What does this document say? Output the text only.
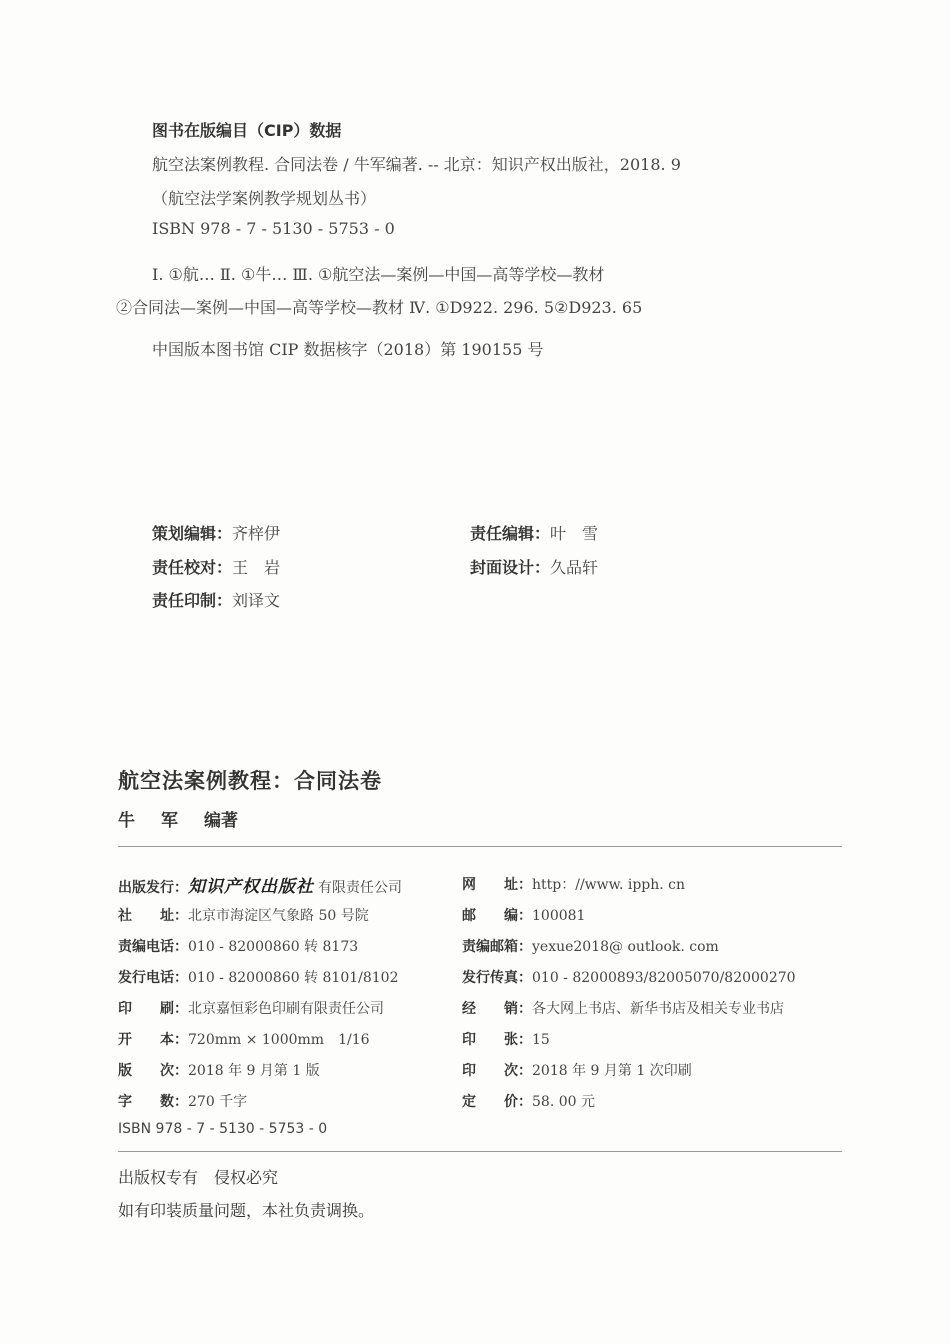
图书在版编目（CIP）数据
航空法案例教程. 合同法卷 / 牛军编著. -- 北京：知识产权出版社，2018. 9
（航空法学案例教学规划丛书）
ISBN 978 - 7 - 5130 - 5753 - 0
Ⅰ. ①航… Ⅱ. ①牛… Ⅲ. ①航空法—案例—中国—高等学校—教材
②合同法—案例—中国—高等学校—教材 Ⅳ. ①D922. 296. 5②D923. 65
中国版本图书馆 CIP 数据核字（2018）第 190155 号
策划编辑：齐梓伊	责任编辑：叶　雪
责任校对：王　岩	封面设计：久品轩
责任印制：刘译文
航空法案例教程：合同法卷
牛 军 编著
出版发行：知识产权出版社 有限责任公司	网　　址：http：//www. ipph. cn
社　　址：北京市海淀区气象路 50 号院	邮　　编：100081
责编电话：010 - 82000860 转 8173	责编邮箱：yexue2018@ outlook. com
发行电话：010 - 82000860 转 8101/8102	发行传真：010 - 82000893/82005070/82000270
印　　刷：北京嘉恒彩色印刷有限责任公司	经　　销：各大网上书店、新华书店及相关专业书店
开　　本：720mm × 1000mm　1/16	印　　张：15
版　　次：2018 年 9 月第 1 版	印　　次：2018 年 9 月第 1 次印刷
字　　数：270 千字	定　　价：58. 00 元
ISBN 978 - 7 - 5130 - 5753 - 0
出版权专有　侵权必究
如有印装质量问题，本社负责调换。
